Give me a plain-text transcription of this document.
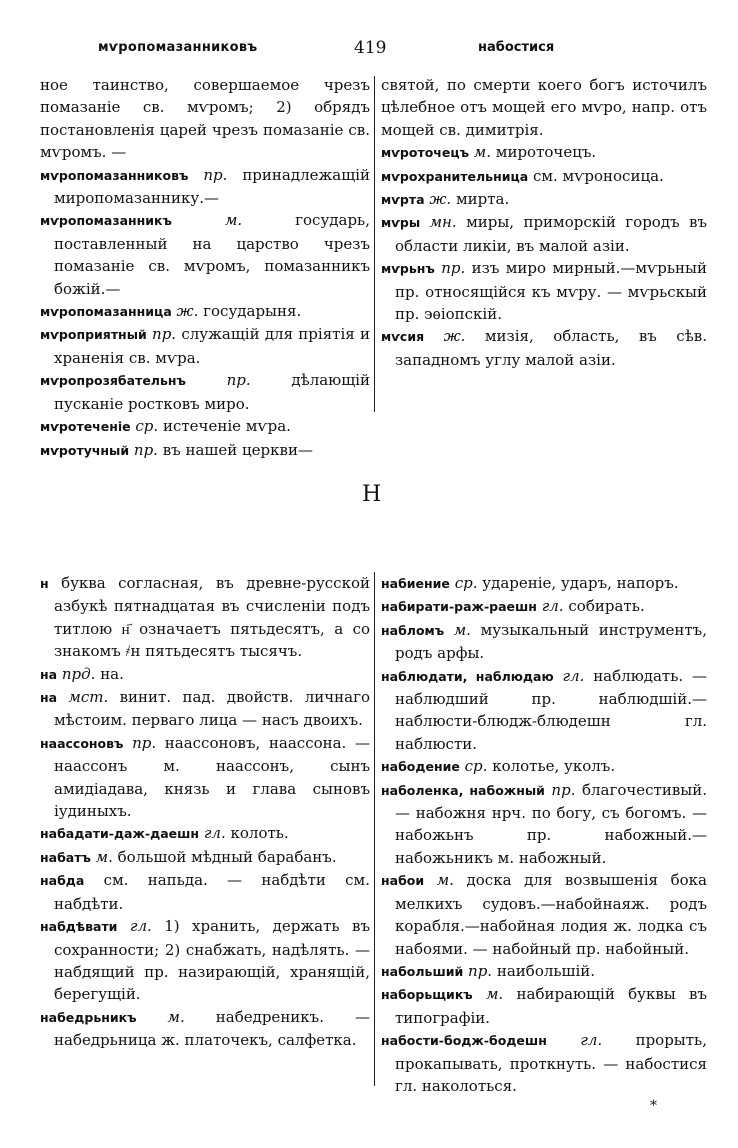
мѵропомазанниковъ	419	набостися

ное таинство, совершаемое чрезъ помазаніе св. мѵромъ; 2) обрядъ постановленія царей чрезъ помазаніе св. мѵромъ. —

мѵропомазанниковъ пр. принадлежащій миропомазаннику.—

мѵропомазанникъ	м.	государь, поставленный на царство чрезъ помазаніе св. мѵромъ, помазанникъ божій.—

мѵропомазанница ж. государыня.

мѵроприятный пр. служащій для прiятія и храненія св. мѵра.

мѵропрозябательнъ	пр.	дѣлающій пусканіе ростковъ миро.

мѵротеченіе ср. истеченіе мѵра.

мѵротучный пр. въ нашей церкви—

святой, по смерти коего богъ источилъ цѣлебное отъ мощей его мѵро, напр. отъ мощей св. димитрія.

мѵроточецъ м. мироточецъ.

мѵрохранительница см. мѵроносица.

мѵрта ж. мирта.

мѵры мн. миры, приморскій городъ въ области ликіи, въ малой азіи.

мѵрьнъ пр. изъ миро мирный.—мѵрьный пр. относящійся къ мѵру. — мѵрьскый пр. эѳіопскій.

мѵсия ж. мизія, область, въ сѣв. западномъ углу малой азіи.

Н

н буква согласная, въ древне-русской азбукѣ пятнадцатая въ счисленіи подъ титлою н҃ означаетъ пятьдесятъ, а со знакомъ ҂н пятьдесятъ тысячъ.

на прд. на.

на мст. винит. пад. двойств. личнаго мѣстоим. перваго лица — насъ двоихъ.

наассоновъ пр. наассоновъ, наассона. — наассонъ м. наассонъ, сынъ амидіадава, князь и глава сыновъ іудиныхъ.

набадати-даж-даешн гл. колоть.

набатъ м. большой мѣдный барабанъ.

набда см. напьда. — набдѣти см. набдѣти.

набдѣвати гл. 1) хранить, держать въ сохранности; 2) снабжать, надѣлять. —набдящий пр. назирающій, хранящій, берегущій.

набедрьникъ м. набедреникъ. — набедрьница ж. платочекъ, салфетка.

набиение ср. удареніе, ударъ, напоръ.

набирати-раж-раешн гл. собирать.

набломъ м. музыкальный инструментъ, родъ арфы.

наблюдати, наблюдаю гл. наблюдать. —наблюдший пр. наблюдшій.— наблюсти-блюдж-блюдешн гл. наблюсти.

набодение ср. колотье, уколъ.

наболенка, набожный пр. благочестивый. — набожня нрч. по богу, съ богомъ. — набожьнъ пр. набожный.—набожьникъ м. набожный.

набои м. доска для возвышенія бока мелкихъ судовъ.—набойнаяж. родъ корабля.—набойная лодия ж. лодка съ набоями. — набойный пр. набойный.

набольший пр. наибольшій.

наборьщикъ м. набирающій буквы въ типографіи.

набости-бодж-бодешн гл. прорыть, прокапывать, проткнуть. — набостися гл. наколоться.

*
